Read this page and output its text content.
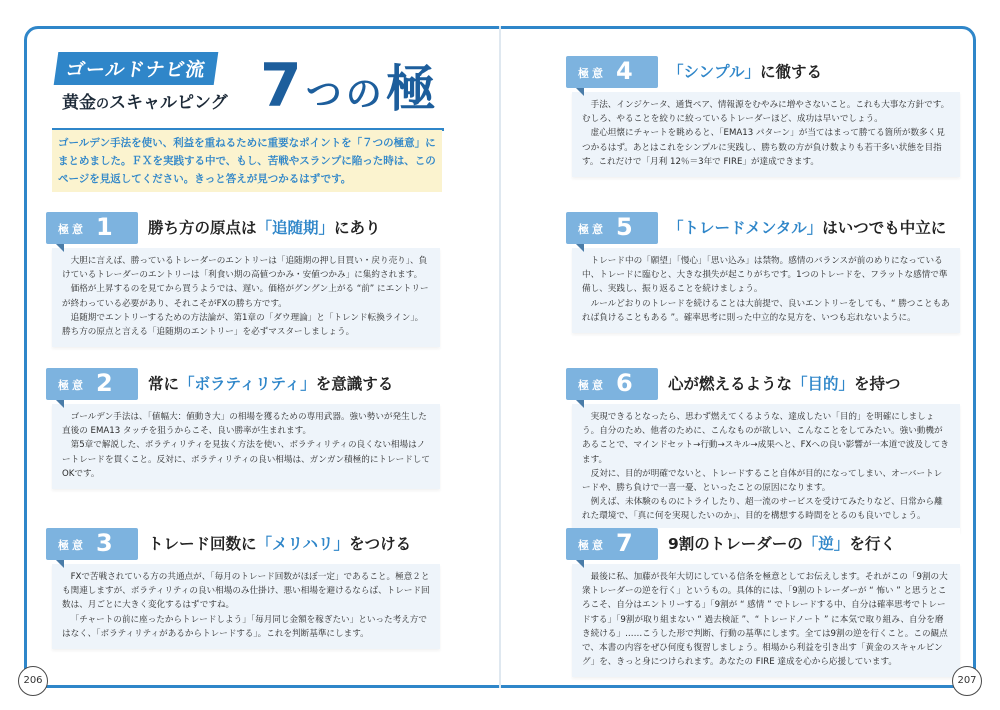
ゴールドナビ流
黄金のスキャルピング 7つの極
ゴールデン手法を使い、利益を重ねるために重要なポイントを「７つの極意」にまとめました。ＦＸを実践する中で、もし、苦戦やスランプに陥った時は、このページを見返してください。きっと答えが見つかるはずです。
極意 1 勝ち方の原点は「追随期」にあり

大胆に言えば、勝っているトレーダーのエントリーは「追随期の押し目買い・戻り売り」、負けているトレーダーのエントリーは「利食い期の高値つかみ・安値つかみ」に集約されます。

価格が上昇するのを見てから買うようでは、遅い。価格がグングン上がる “前” にエントリーが終わっている必要があり、それこそがFXの勝ち方です。

追随期でエントリーするための方法論が、第1章の「ダウ理論」と「トレンド転換ライン」。勝ち方の原点と言える「追随期のエントリー」を必ずマスターしましょう。

極意 2 常に「ボラティリティ」を意識する

ゴールデン手法は、「値幅大：値動き大」の相場を獲るための専用武器。強い勢いが発生した直後の EMA13 タッチを狙うからこそ、良い勝率が生まれます。

第5章で解説した、ボラティリティを見抜く方法を使い、ボラティリティの良くない相場はノートレードを貫くこと。反対に、ボラティリティの良い相場は、ガンガン積極的にトレードしてOKです。

極意 3 トレード回数に「メリハリ」をつける

FXで苦戦されている方の共通点が、「毎月のトレード回数がほぼ一定」であること。極意２とも関連しますが、ボラティリティの良い相場のみ仕掛け、悪い相場を避けるならば、トレード回数は、月ごとに大きく変化するはずですね。

「チャートの前に座ったからトレードしよう」「毎月同じ金額を稼ぎたい」といった考え方ではなく、「ボラティリティがあるからトレードする」。これを判断基準にします。

極意 4 「シンプル」に徹する

手法、インジケータ、通貨ペア、情報源をむやみに増やさないこと。これも大事な方針です。むしろ、やることを絞りに絞っているトレーダーほど、成功は早いでしょう。

虚心坦懐にチャートを眺めると、「EMA13 パターン」が当てはまって勝てる箇所が数多く見つかるはず。あとはこれをシンプルに実践し、勝ち数の方が負け数よりも若干多い状態を目指す。これだけで「月利 12％＝3年で FIRE」が達成できます。

極意 5 「トレードメンタル」はいつでも中立に

トレード中の「願望」「慢心」「思い込み」は禁物。感情のバランスが前のめりになっている中、トレードに臨むと、大きな損失が起こりがちです。1つのトレードを、フラットな感情で準備し、実践し、振り返ることを続けましょう。

ルールどおりのトレードを続けることは大前提で、良いエントリーをしても、“ 勝つこともあれば負けることもある ”。確率思考に則った中立的な見方を、いつも忘れないように。

極意 6 心が燃えるような「目的」を持つ

実現できるとなったら、思わず燃えてくるような、達成したい「目的」を明確にしましょう。自分のため、他者のために、こんなものが欲しい、こんなことをしてみたい。強い動機があることで、マインドセット→行動→スキル→成果へと、FXへの良い影響が一本道で波及してきます。

反対に、目的が明確でないと、トレードすること自体が目的になってしまい、オーバートレードや、勝ち負けで一喜一憂、といったことの原因になります。

例えば、未体験のものにトライしたり、超一流のサービスを受けてみたりなど、日常から離れた環境で、「真に何を実現したいのか」、目的を構想する時間をとるのも良いでしょう。

極意 7 9割のトレーダーの「逆」を行く

最後に私、加藤が長年大切にしている信条を極意としてお伝えします。それがこの「9割の大衆トレーダーの逆を行く」というもの。具体的には、「9割のトレーダーが “ 怖い ” と思うところこそ、自分はエントリーする」「9割が “ 感情 ” でトレードする中、自分は確率思考でトレードする」「9割が取り組まない “ 過去検証 ”、“ トレードノート ” に本気で取り組み、自分を磨き続ける」……こうした形で判断、行動の基準にします。全ては9割の逆を行くこと。この観点で、本書の内容をぜひ何度も復習しましょう。相場から利益を引き出す「黄金のスキャルピング」を、きっと身につけられます。あなたの FIRE 達成を心から応援しています。

206	207
